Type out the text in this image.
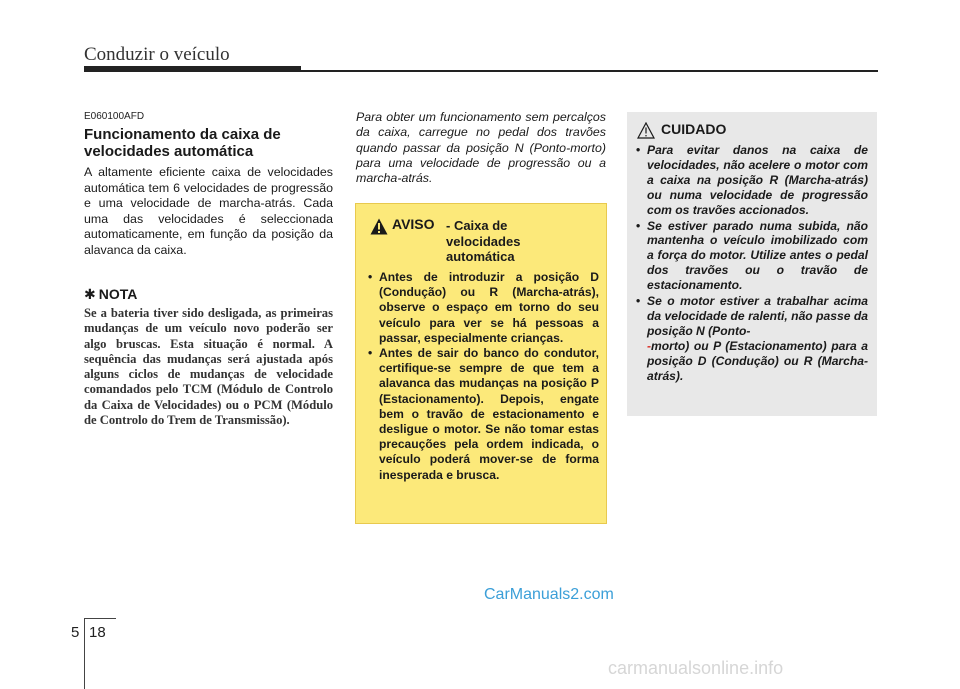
Conduzir o veículo
E060100AFD
Funcionamento da caixa de velocidades automática
A altamente eficiente caixa de velocidades automática tem 6 velocidades de progressão e uma velocidade de marcha-atrás. Cada uma das velocidades é seleccionada automaticamente, em função da posição da alavanca da caixa.
✱ NOTA
Se a bateria tiver sido desligada, as primeiras mudanças de um veículo novo poderão ser algo bruscas. Esta situação é normal. A sequência das mudanças será ajustada após alguns ciclos de mudanças de velocidade comandados pelo TCM (Módulo de Controlo da Caixa de Velocidades) ou o PCM (Módulo de Controlo do Trem de Transmissão).
Para obter um funcionamento sem percalços da caixa, carregue no pedal dos travões quando passar da posição N (Ponto-morto) para uma velocidade de progressão ou a marcha-atrás.
AVISO - Caixa de velocidades automática
• Antes de introduzir a posição D (Condução) ou R (Marcha-atrás), observe o espaço em torno do seu veículo para ver se há pessoas a passar, especialmente crianças.
• Antes de sair do banco do condutor, certifique-se sempre de que tem a alavanca das mudanças na posição P (Estacionamento). Depois, engate bem o travão de estacionamento e desligue o motor. Se não tomar estas precauções pela ordem indicada, o veículo poderá mover-se de forma inesperada e brusca.
CUIDADO
• Para evitar danos na caixa de velocidades, não acelere o motor com a caixa na posição R (Marcha-atrás) ou numa velocidade de progressão com os travões accionados.
• Se estiver parado numa subida, não mantenha o veículo imobilizado com a força do motor. Utilize antes o pedal dos travões ou o travão de estacionamento.
• Se o motor estiver a trabalhar acima da velocidade de ralenti, não passe da posição N (Ponto-
-morto) ou P (Estacionamento) para a posição D (Condução) ou R (Marcha-atrás).
CarManuals2.com
5 18
carmanualsonline.info
